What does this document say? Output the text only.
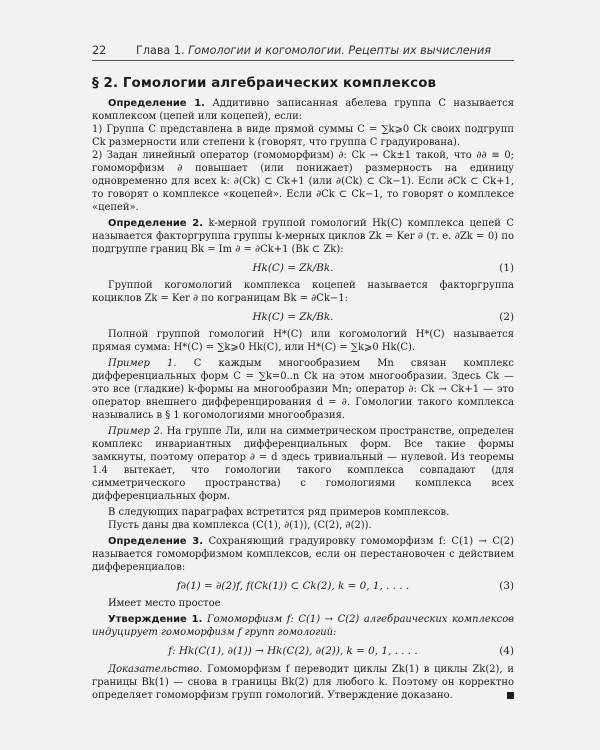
22	Глава 1. Гомологии и когомологии. Рецепты их вычисления
§ 2. Гомологии алгебраических комплексов

Определение 1. Аддитивно записанная абелева группа C называется комплексом (цепей или коцепей), если:

1) Группа C представлена в виде прямой суммы C = ∑k⩾0 Ck своих подгрупп Ck размерности или степени k (говорят, что группа C градуирована).

2) Задан линейный оператор (гомоморфизм) ∂: Ck → Ck±1 такой, что ∂∂ ≡ 0; гомоморфизм ∂ повышает (или понижает) размерность на единицу одновременно для всех k: ∂(Ck) ⊂ Ck+1 (или ∂(Ck) ⊂ Ck−1). Если ∂Ck ⊂ Ck+1, то говорят о комплексе «коцепей». Если ∂Ck ⊂ Ck−1, то говорят о комплексе «цепей».

Определение 2. k-мерной группой гомологий Hk(C) комплекса цепей C называется факторгруппа группы k-мерных циклов Zk = Ker ∂ (т. е. ∂Zk = 0) по подгруппе границ Bk = Im ∂ = ∂Ck+1 (Bk ⊂ Zk):

Hk(C) = Zk/Bk.	(1)

Группой когомологий комплекса коцепей называется факторгруппа коциклов Zk = Ker ∂ по кограницам Bk = ∂Ck−1:

Hk(C) = Zk/Bk.	(2)

Полной группой гомологий H*(C) или когомологий H*(C) называется прямая сумма: H*(C) = ∑k⩾0 Hk(C), или H*(C) = ∑k⩾0 Hk(C).

Пример 1. С каждым многообразием Mn связан комплекс дифференциальных форм C = ∑k=0..n Ck на этом многообразии. Здесь Ck — это все (гладкие) k-формы на многообразии Mn; оператор ∂: Ck → Ck+1 — это оператор внешнего дифференцирования d = ∂. Гомологии такого комплекса назывались в § 1 когомологиями многообразия.

Пример 2. На группе Ли, или на симметрическом пространстве, определен комплекс инвариантных дифференциальных форм. Все такие формы замкнуты, поэтому оператор ∂ = d здесь тривиальный — нулевой. Из теоремы 1.4 вытекает, что гомологии такого комплекса совпадают (для симметрического пространства) с гомологиями комплекса всех дифференциальных форм.

В следующих параграфах встретится ряд примеров комплексов.

Пусть даны два комплекса (C(1), ∂(1)), (C(2), ∂(2)).

Определение 3. Сохраняющий градуировку гомоморфизм f: C(1) → C(2) называется гомоморфизмом комплексов, если он перестановочен с действием дифференциалов:

f∂(1) = ∂(2)f, f(Ck(1)) ⊂ Ck(2), k = 0, 1, . . . .	(3)

Имеет место простое

Утверждение 1. Гомоморфизм f: C(1) → C(2) алгебраических комплексов индуцирует гомоморфизм f групп гомологий:

f: Hk(C(1), ∂(1)) → Hk(C(2), ∂(2)), k = 0, 1, . . . .	(4)

Доказательство. Гомоморфизм f переводит циклы Zk(1) в циклы Zk(2), и границы Bk(1) — снова в границы Bk(2) для любого k. Поэтому он корректно определяет гомоморфизм групп гомологий. Утверждение доказано.
